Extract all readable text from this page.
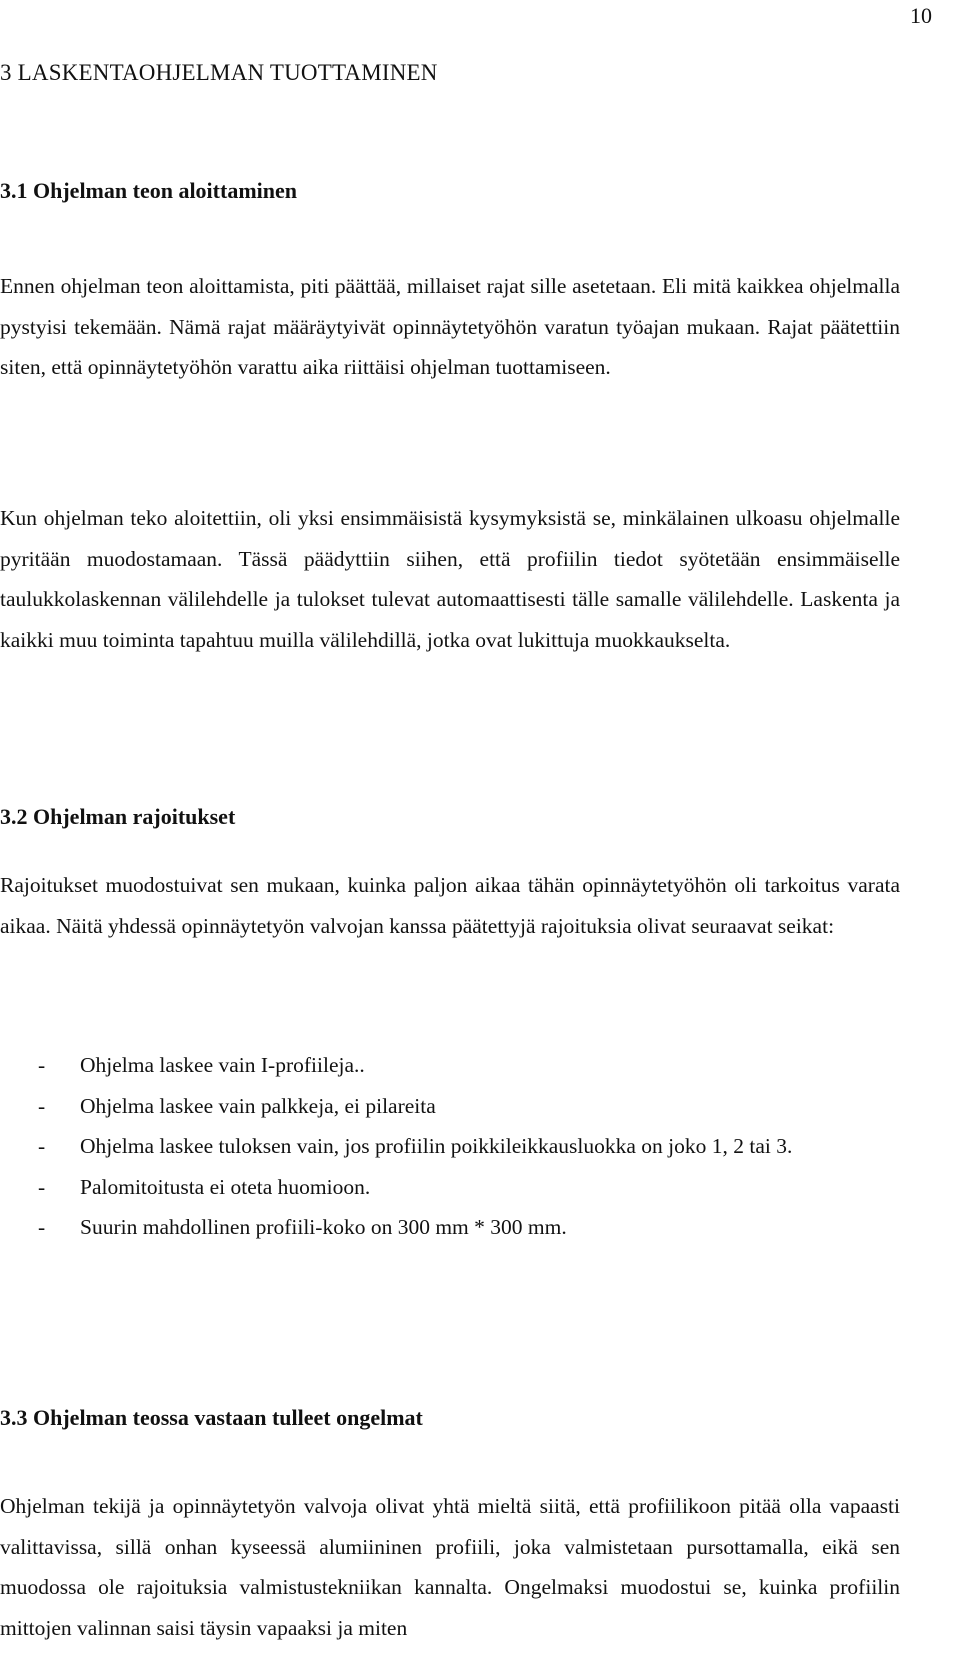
10
3 LASKENTAOHJELMAN TUOTTAMINEN
3.1 Ohjelman teon aloittaminen

Ennen ohjelman teon aloittamista, piti päättää, millaiset rajat sille asetetaan. Eli mitä kaikkea ohjelmalla pystyisi tekemään. Nämä rajat määräytyivät opinnäytetyöhön varatun työajan mukaan. Rajat päätettiin siten, että opinnäytetyöhön varattu aika riittäisi ohjelman tuottamiseen.

Kun ohjelman teko aloitettiin, oli yksi ensimmäisistä kysymyksistä se, minkälainen ulkoasu ohjelmalle pyritään muodostamaan. Tässä päädyttiin siihen, että profiilin tiedot syötetään ensimmäiselle taulukkolaskennan välilehdelle ja tulokset tulevat automaattisesti tälle samalle välilehdelle. Laskenta ja kaikki muu toiminta tapahtuu muilla välilehdillä, jotka ovat lukittuja muokkaukselta.

3.2 Ohjelman rajoitukset

Rajoitukset muodostuivat sen mukaan, kuinka paljon aikaa tähän opinnäytetyöhön oli tarkoitus varata aikaa. Näitä yhdessä opinnäytetyön valvojan kanssa päätettyjä rajoituksia olivat seuraavat seikat:

- Ohjelma laskee vain I-profiileja..
- Ohjelma laskee vain palkkeja, ei pilareita
- Ohjelma laskee tuloksen vain, jos profiilin poikkileikkausluokka on joko 1, 2 tai 3.
- Palomitoitusta ei oteta huomioon.
- Suurin mahdollinen profiili-koko on 300 mm * 300 mm.
3.3 Ohjelman teossa vastaan tulleet ongelmat

Ohjelman tekijä ja opinnäytetyön valvoja olivat yhtä mieltä siitä, että profiilikoon pitää olla vapaasti valittavissa, sillä onhan kyseessä alumiininen profiili, joka valmistetaan pursottamalla, eikä sen muodossa ole rajoituksia valmistustekniikan kannalta. Ongelmaksi muodostui se, kuinka profiilin mittojen valinnan saisi täysin vapaaksi ja miten
